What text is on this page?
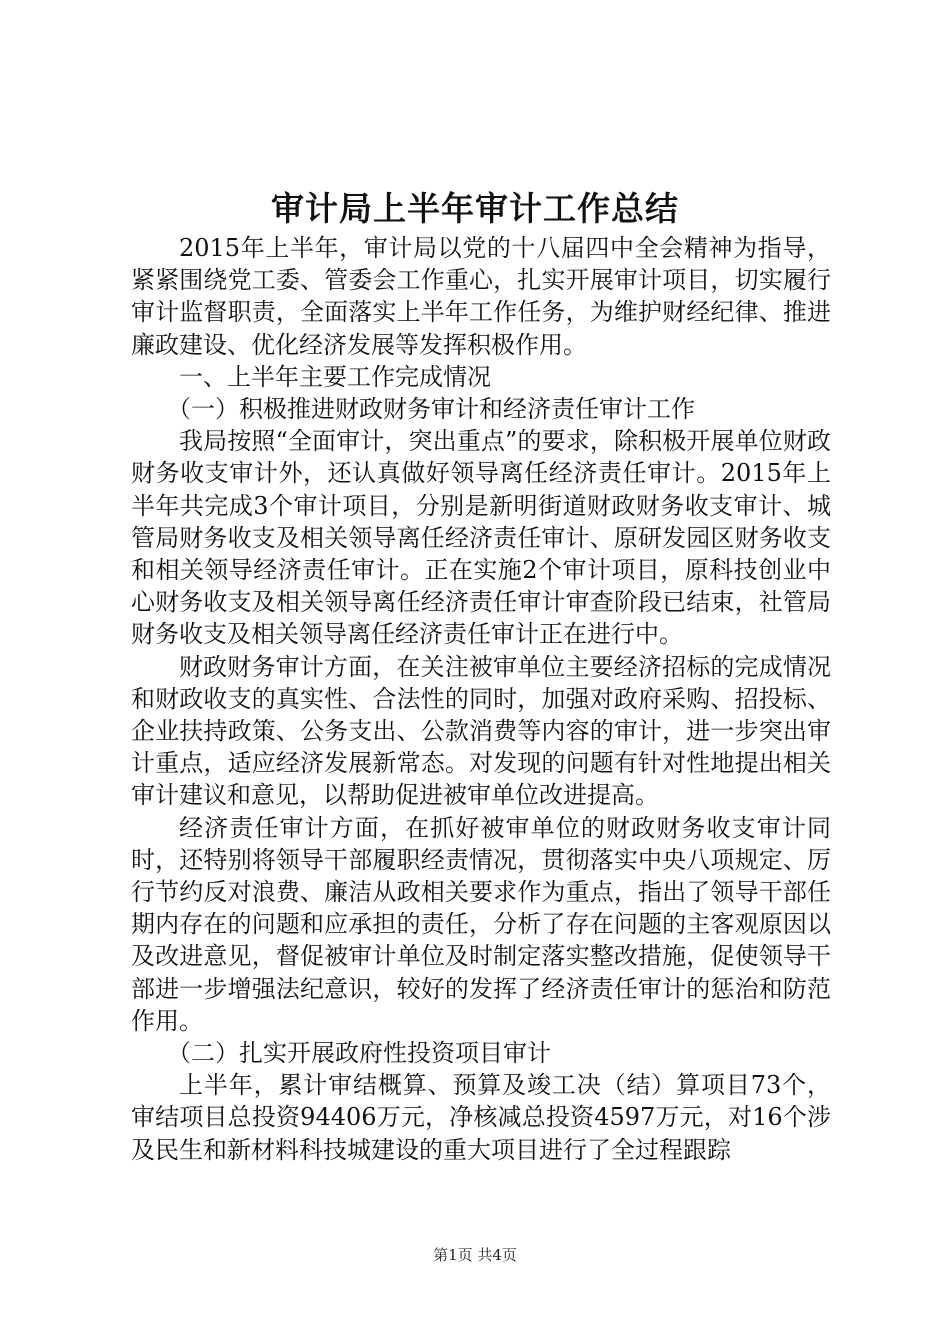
审计局上半年审计工作总结

2015年上半年，审计局以党的十八届四中全会精神为指导，紧紧围绕党工委、管委会工作重心，扎实开展审计项目，切实履行审计监督职责，全面落实上半年工作任务，为维护财经纪律、推进廉政建设、优化经济发展等发挥积极作用。

一、上半年主要工作完成情况

（一）积极推进财政财务审计和经济责任审计工作

我局按照“全面审计，突出重点”的要求，除积极开展单位财政财务收支审计外，还认真做好领导离任经济责任审计。2015年上半年共完成3个审计项目，分别是新明街道财政财务收支审计、城管局财务收支及相关领导离任经济责任审计、原研发园区财务收支和相关领导经济责任审计。正在实施2个审计项目，原科技创业中心财务收支及相关领导离任经济责任审计审查阶段已结束，社管局财务收支及相关领导离任经济责任审计正在进行中。

财政财务审计方面，在关注被审单位主要经济招标的完成情况和财政收支的真实性、合法性的同时，加强对政府采购、招投标、企业扶持政策、公务支出、公款消费等内容的审计，进一步突出审计重点，适应经济发展新常态。对发现的问题有针对性地提出相关审计建议和意见，以帮助促进被审单位改进提高。

经济责任审计方面，在抓好被审单位的财政财务收支审计同时，还特别将领导干部履职经责情况，贯彻落实中央八项规定、厉行节约反对浪费、廉洁从政相关要求作为重点，指出了领导干部任期内存在的问题和应承担的责任，分析了存在问题的主客观原因以及改进意见，督促被审计单位及时制定落实整改措施，促使领导干部进一步增强法纪意识，较好的发挥了经济责任审计的惩治和防范作用。

（二）扎实开展政府性投资项目审计

上半年，累计审结概算、预算及竣工决（结）算项目73个，审结项目总投资94406万元，净核减总投资4597万元，对16个涉及民生和新材料科技城建设的重大项目进行了全过程跟踪

第1页 共4页
